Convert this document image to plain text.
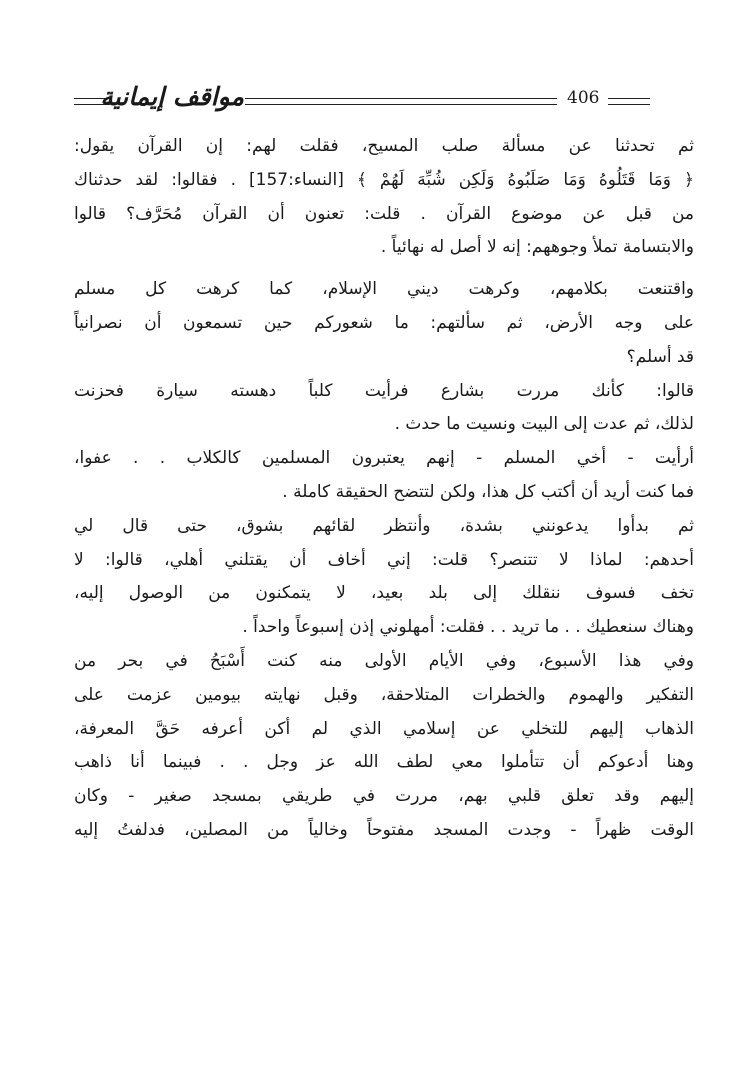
مواقف إيمانية	406
ثم تحدثنا عن مسألة صلب المسيح، فقلت لهم: إن القرآن يقول:
﴿ وَمَا قَتَلُوهُ وَمَا صَلَبُوهُ وَلَكِن شُبِّهَ لَهُمْ ﴾ [النساء:157] . فقالوا: لقد حدثناك
من قبل عن موضوع القرآن . قلت: تعنون أن القرآن مُحَرَّف؟ قالوا
والابتسامة تملأ وجوههم: إنه لا أصل له نهائياً .
واقتنعت بكلامهم، وكرهت ديني الإسلام، كما كرهت كل مسلم
على وجه الأرض، ثم سألتهم: ما شعوركم حين تسمعون أن نصرانياً
قد أسلم؟
قالوا: كأنك مررت بشارع فرأيت كلباً دهسته سيارة فحزنت
لذلك، ثم عدت إلى البيت ونسيت ما حدث .
أرأيت - أخي المسلم - إنهم يعتبرون المسلمين كالكلاب . . عفوا،
فما كنت أريد أن أكتب كل هذا، ولكن لتتضح الحقيقة كاملة .
ثم بدأوا يدعونني بشدة، وأنتظر لقائهم بشوق، حتى قال لي
أحدهم: لماذا لا تتنصر؟ قلت: إني أخاف أن يقتلني أهلي، قالوا: لا
تخف فسوف ننقلك إلى بلد بعيد، لا يتمكنون من الوصول إليه،
وهناك سنعطيك . . ما تريد . . فقلت: أمهلوني إذن إسبوعاً واحداً .
وفي هذا الأسبوع، وفي الأيام الأولى منه كنت أَسْبَحُ في بحر من
التفكير والهموم والخطرات المتلاحقة، وقبل نهايته بيومين عزمت على
الذهاب إليهم للتخلي عن إسلامي الذي لم أكن أعرفه حَقَّ المعرفة،
وهنا أدعوكم أن تتأملوا معي لطف الله عز وجل . . فبينما أنا ذاهب
إليهم وقد تعلق قلبي بهم، مررت في طريقي بمسجد صغير - وكان
الوقت ظهراً - وجدت المسجد مفتوحاً وخالياً من المصلين، فدلفتُ إليه
